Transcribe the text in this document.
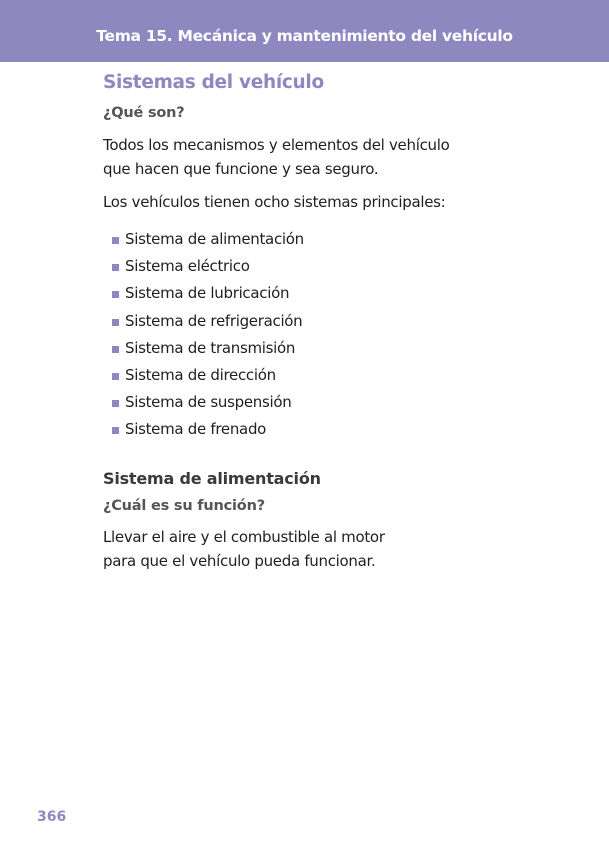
Tema 15. Mecánica y mantenimiento del vehículo
Sistemas del vehículo
¿Qué son?
Todos los mecanismos y elementos del vehículo
que hacen que funcione y sea seguro.
Los vehículos tienen ocho sistemas principales:
Sistema de alimentación
Sistema eléctrico
Sistema de lubricación
Sistema de refrigeración
Sistema de transmisión
Sistema de dirección
Sistema de suspensión
Sistema de frenado
Sistema de alimentación
¿Cuál es su función?
Llevar el aire y el combustible al motor
para que el vehículo pueda funcionar.
366
